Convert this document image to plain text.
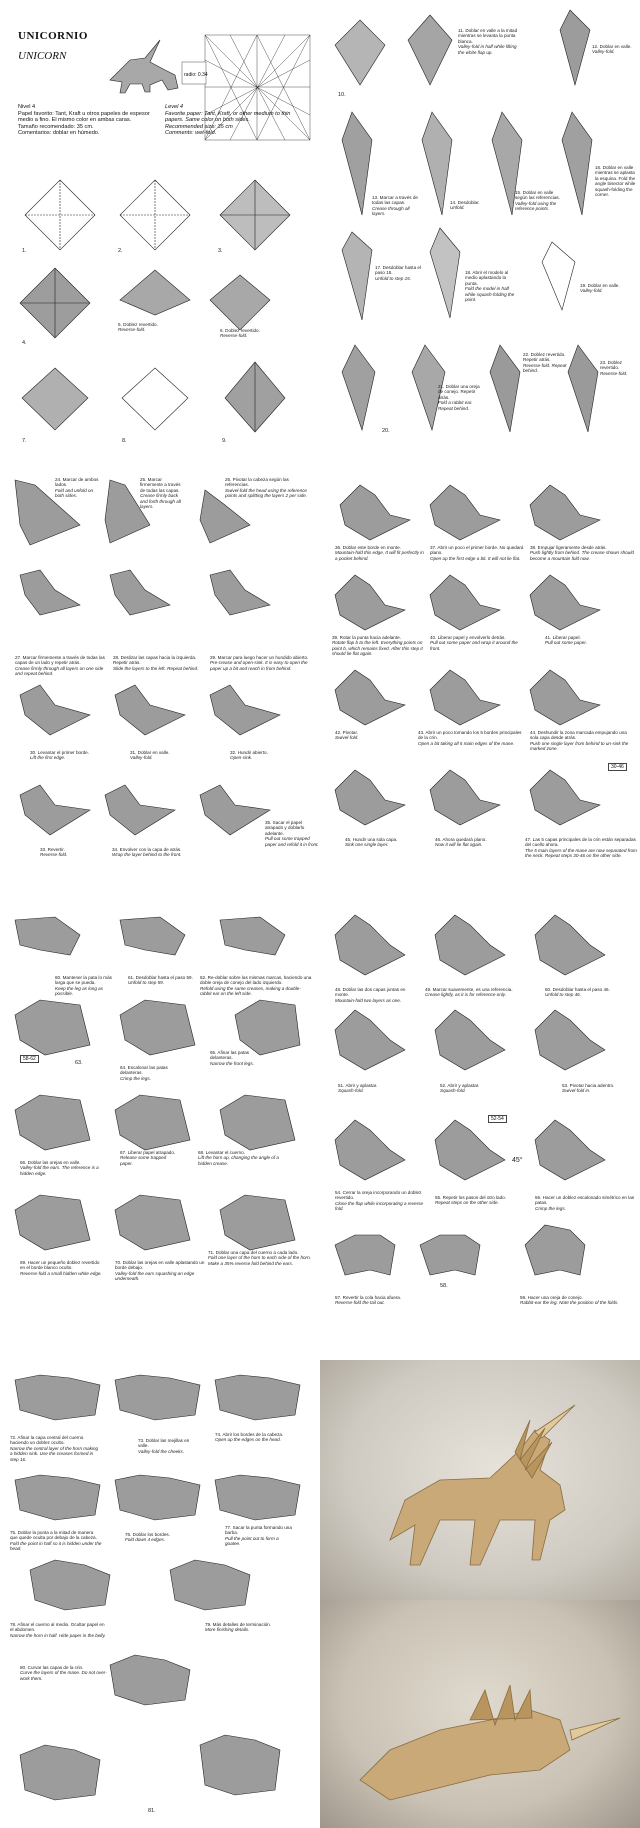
UNICORNIO
UNICORN
radio: 0.34
Nivel 4
Papel favorito: Tant, Kraft u otros papeles de espesor
medio a fino. El mismo color en ambas caras.
Tamaño recomendado: 35 cm.
Comentarios: doblar en húmedo.
Level 4
Favorite paper: Tant, Kraft, or other medium to thin
papers. Same color on both sides.
Recommended size: 35 cm
Comments: wet-fold.
1.	2.	3.
4.
5. Doblez revertido.
Reverse-fold.	6. Doblez revertido.
Reverse-fold.
7.	8.	9.
10.
11. Doblar en valle a la mitad mientras se levanta la punta blanca.
Valley-fold in half while lifting the white flap up.
12. Doblar en valle.
Valley-fold.
13. Marcar a través de todas las capas.
Crease through all layers.
14. Desdoblar.
Unfold.
15. Doblar en valle según las referencias.
Valley-fold using the reference points.
16. Doblar en valle mientras se aplasta la esquina. Fold the angle bisector while squash-folding the corner.
17. Desdoblar hasta el paso 15.
Unfold to step 15.
18. Abrir el modelo al medio aplastando la punta.
Fold the model in half while squash-folding the point.
19. Doblar en valle.
Valley-fold.
20.
21. Doblar una oreja de conejo. Repetir atrás.
Fold a rabbit ear. Repeat behind.
22. Doblez revertido. Repetir atrás.
Reverse-fold. Repeat behind.
23. Doblez revertido.
Reverse-fold.
24. Marcar de ambos lados.
Fold and unfold on both sides.
25. Marcar firmemente a través de todas las capas.
Crease firmly back and forth through all layers.
26. Pivotar la cabeza según las referencias.
Swivel-fold the head using the reference points and splitting the layers 2 per side.
27. Marcar firmemente a través de todas las capas de un lado y repetir atrás.
Crease firmly through all layers on one side and repeat behind.
28. Deslizar las capas hacia la izquierda. Repetir atrás.
Slide the layers to the left. Repeat behind.
29. Marcar para luego hacer un hundido abierto.
Pre-crease and open-sink. It is easy to open the paper up a bit and reach in from behind.
30. Levantar el primer borde.
Lift the first edge.
31. Doblar en valle.
Valley-fold.
32. Hundir abierto.
Open-sink.
33. Revertir.
Reverse-fold.
34. Envolver con la capa de atrás.
Wrap the layer behind to the front.
35. Sacar el papel atrapado y doblarlo adelante.
Pull out some trapped paper and refold it in front.
36. Doblar este borde en monte.
Mountain-fold this edge. It will fit perfectly in a pocket behind.
37. Abrir un poco el primer borde. No quedará plano.
Open up the first edge a bit. It will not lie flat.
38. Empujar ligeramente desde atrás.
Push lightly from behind. The crease shown should become a mountain fold now.
39. Rotar la punta hacia adelante.
Rotate flap b to the left. Everything points on point b, which remains fixed. After this step it should lie flat again.
40. Liberar papel y envolverlo detrás.
Pull out some paper and wrap it around the front.
41. Liberar papel.
Pull out some paper.
42. Pivotar.
Swivel-fold.
43. Abrir un poco tomando los 5 bordes principales de la crin.
Open a bit taking all 5 main edges of the mane.
44. Deshundir la zona marcada empujando una sola capa desde atrás.
Push one single layer from behind to un-sink the marked zone.
30-46
45. Hundir una sola capa.
Sink one single layer.
46. Ahora quedará plano.
Now it will lie flat again.
47. Las 5 capas principales de la crin están separadas del cuello ahora.
The 5 main layers of the mane are now separated from the neck. Repeat steps 30-46 on the other side.
60. Mantener la pata lo más larga que se pueda.
Keep the leg as long as possible.
61. Desdoblar hasta el paso 59.
Unfold to step 59.
62. Re-doblar sobre las mismas marcas, haciendo una doble oreja de conejo del lado izquierdo.
Refold using the same creases, making a double-rabbit ear on the left side.
58-62
63.
64. Escalonar las patas delanteras.
Crimp the legs.
65. Afinar las patas delanteras.
Narrow the front legs.
66. Doblar las orejas en valle.
Valley-fold the ears. The reference is a hidden edge.
67. Liberar papel atrapado.
Release some trapped paper.
68. Levantar el cuerno.
Lift the horn up, changing the angle of a hidden crease.
69. Hacer un pequeño doblez revertido en el borde blanco oculto.
Reverse-fold a small hidden white edge.
70. Doblar las orejas en valle aplastando un borde debajo.
Valley-fold the ears squashing an edge underneath.
71. Doblar una capa del cuerno a cada lado.
Fold one layer of the horn to each side of the horn. Make a 35% reverse fold behind the ears.
48. Doblar las dos capas juntas en monte.
Mountain-fold two layers as one.
49. Marcar suavemente, es una referencia.
Crease lightly, as it is for reference only.
50. Desdoblar hasta el paso 46.
Unfold to step 46.
51. Abrir y aplastar.
Squash-fold.
52. Abrir y aplastar.
Squash-fold.
53. Pivotar hacia adentro.
Swivel-fold in.
52-54
45°
54. Cerrar la oreja incorporando un doblez revertido.
Close the flap while incorporating a reverse fold.
55. Repetir los pasos del otro lado.
Repeat steps on the other side.
56. Hacer un doblez escalonado simétrico en las patas.
Crimp the legs.
57. Revertir la cola hacia afuera.
Reverse-fold the tail out.
58.
59. Hacer una oreja de conejo.
Rabbit-ear the leg. Note the position of the folds.
72. Afinar la capa central del cuerno haciendo un doblez oculto.
Narrow the central layer of the horn making a hidden sink. Use the creases formed in step 16.
73. Doblar las mejillas en valle.
Valley-fold the cheeks.
74. Abrir los bordes de la cabeza.
Open up the edges on the head.
75. Doblar la punta a la mitad de manera que quede oculta por debajo de la cabeza.
Fold the point in half so it is hidden under the head.
76. Doblar los bordes.
Fold down 4 edges.
77. Sacar la punta formando una barba.
Pull the point out to form a goatee.
78. Afinar el cuerno al medio. Ocultar papel en el abdomen.
Narrow the horn in half. Hide paper in the belly.
79. Más detalles de terminación.
More finishing details.
80. Curvar las capas de la crin.
Curve the layers of the mane. Do not over-work them.
81.
